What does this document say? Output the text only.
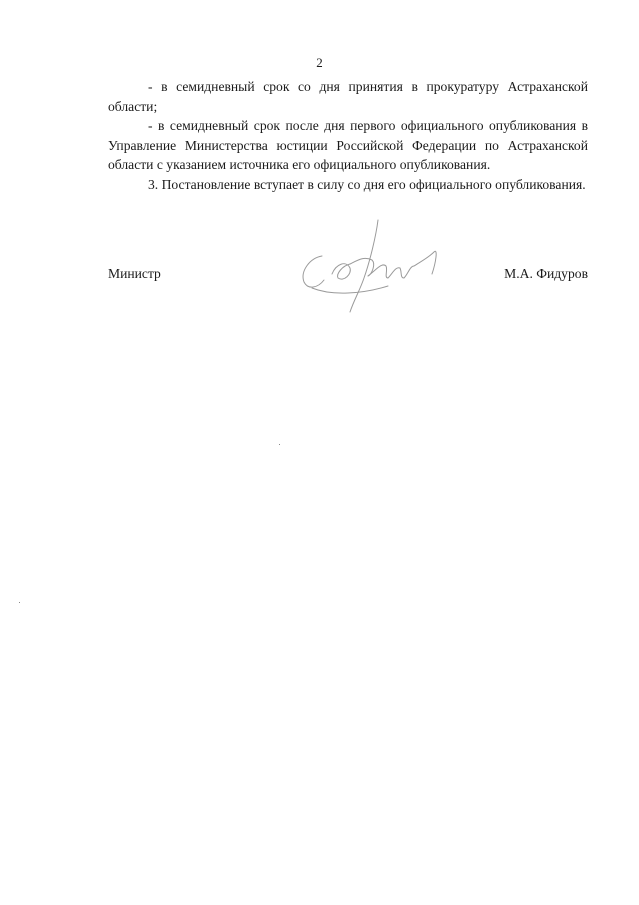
2

- в семидневный срок со дня принятия в прокуратуру Астраханской области;

- в семидневный срок после дня первого официального опубликования в Управление Министерства юстиции Российской Федерации по Астраханской области с указанием источника его официального опубликования.

3. Постановление вступает в силу со дня его официального опубликования.

Министр	М.А. Фидуров
